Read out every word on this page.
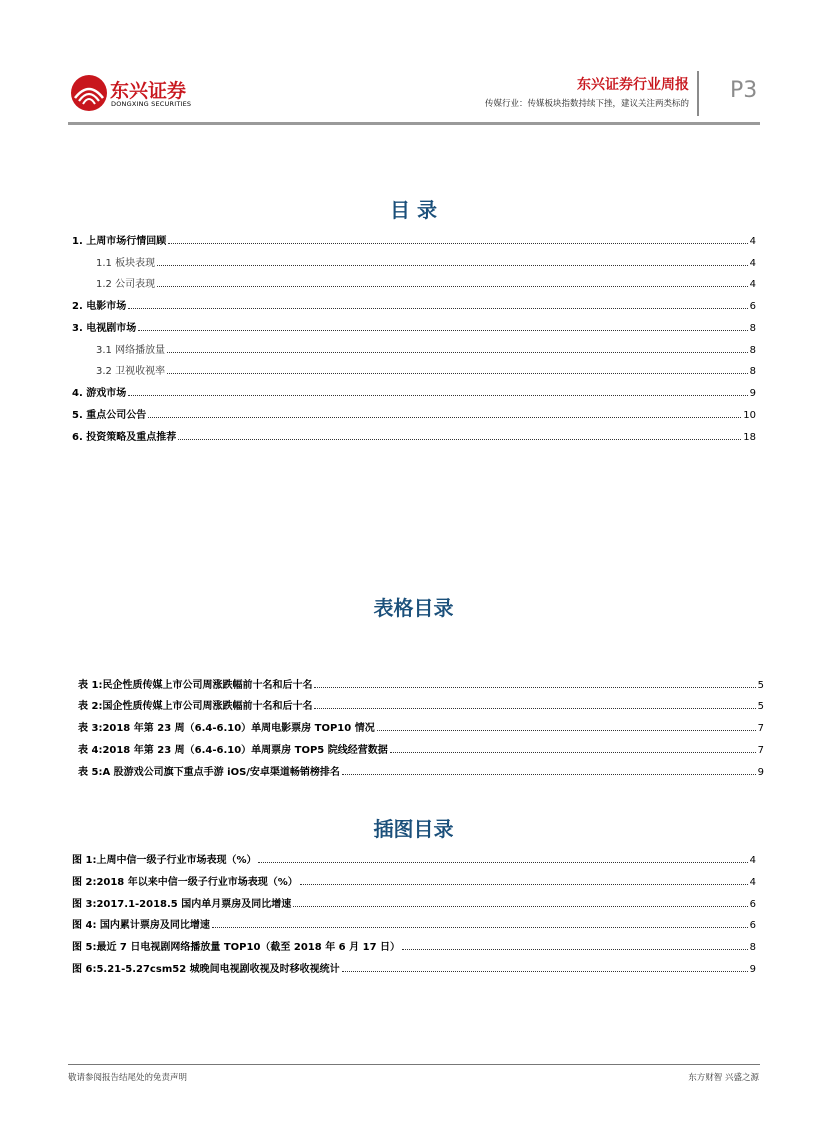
东兴证券
DONGXING SECURITIES
东兴证券行业周报
传媒行业：传媒板块指数持续下挫，建议关注两类标的
P3
目 录
1. 上周市场行情回顾	4
1.1 板块表现	4
1.2 公司表现	4
2. 电影市场	6
3. 电视剧市场	8
3.1 网络播放量	8
3.2 卫视收视率	8
4. 游戏市场	9
5. 重点公司公告	10
6. 投资策略及重点推荐	18
表格目录
表 1:民企性质传媒上市公司周涨跌幅前十名和后十名	5
表 2:国企性质传媒上市公司周涨跌幅前十名和后十名	5
表 3:2018 年第 23 周（6.4-6.10）单周电影票房 TOP10 情况	7
表 4:2018 年第 23 周（6.4-6.10）单周票房 TOP5 院线经营数据	7
表 5:A 股游戏公司旗下重点手游 iOS/安卓渠道畅销榜排名	9
插图目录
图 1:上周中信一级子行业市场表现（%）	4
图 2:2018 年以来中信一级子行业市场表现（%）	4
图 3:2017.1-2018.5 国内单月票房及同比增速	6
图 4: 国内累计票房及同比增速	6
图 5:最近 7 日电视剧网络播放量 TOP10（截至 2018 年 6 月 17 日）	8
图 6:5.21-5.27csm52 城晚间电视剧收视及时移收视统计	9
敬请参阅报告结尾处的免责声明	东方财智 兴盛之源
